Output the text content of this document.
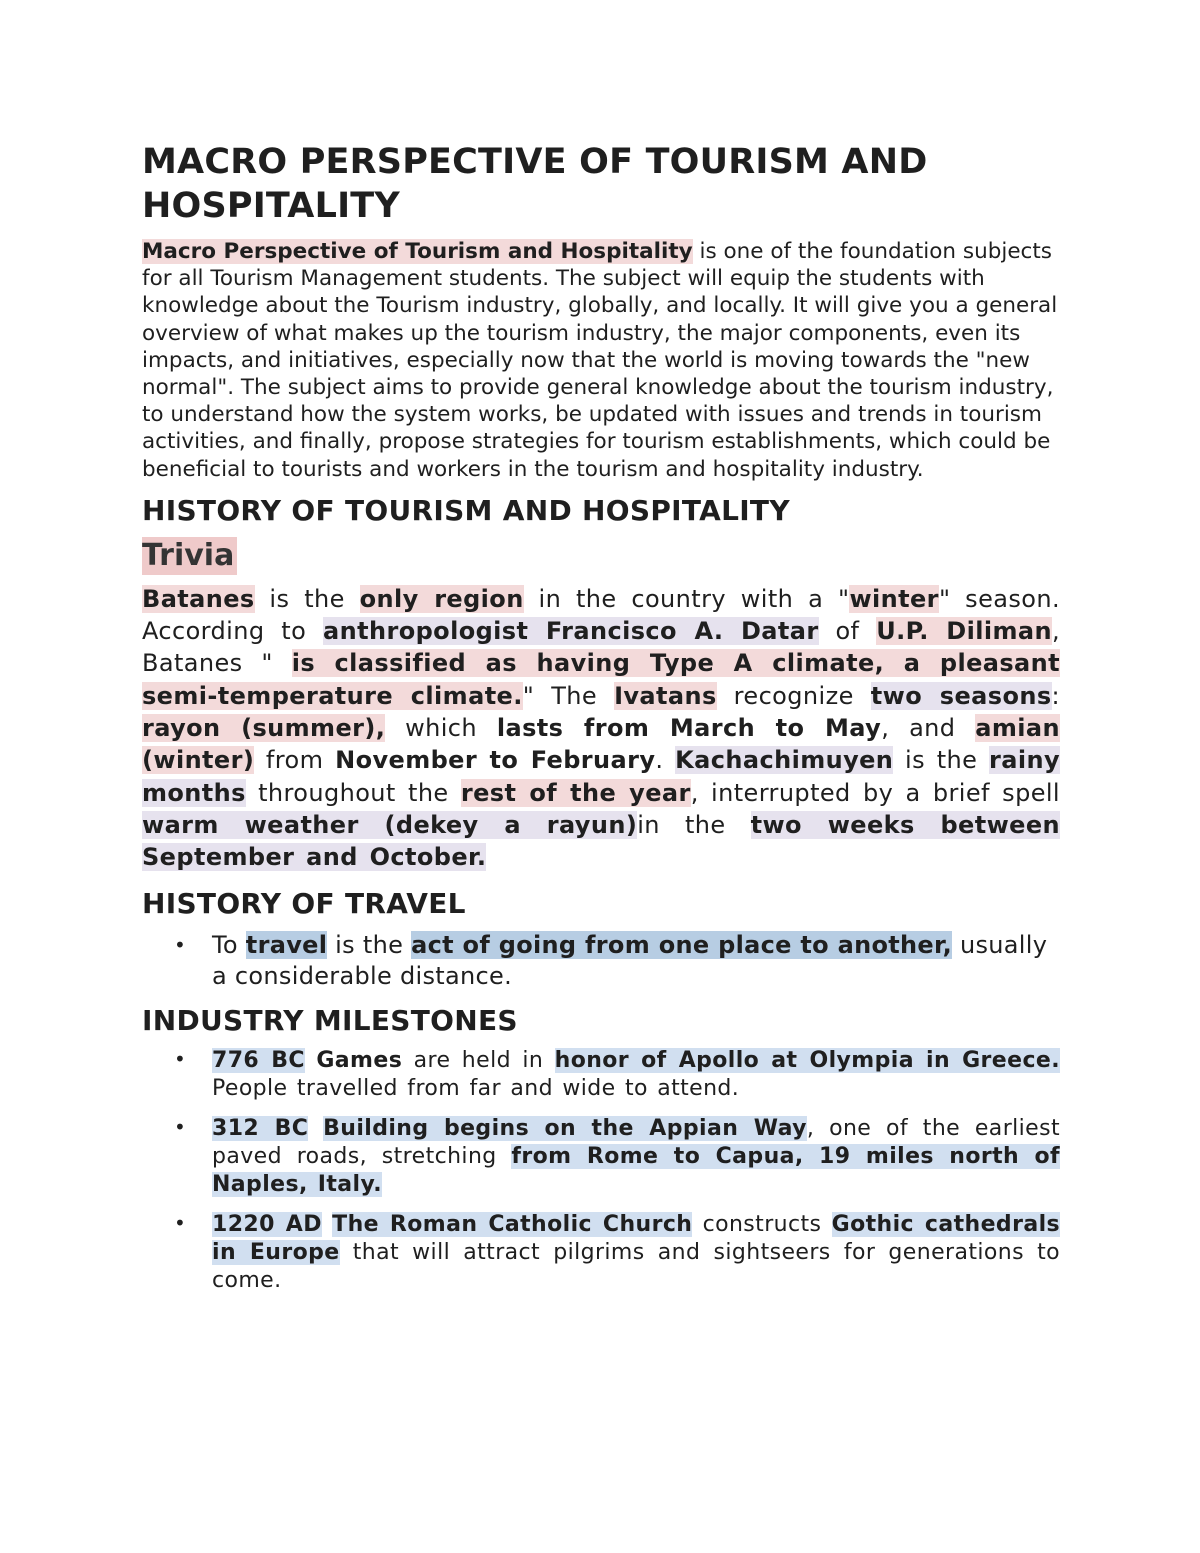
MACRO PERSPECTIVE OF TOURISM AND HOSPITALITY

Macro Perspective of Tourism and Hospitality is one of the foundation subjects for all Tourism Management students. The subject will equip the students with knowledge about the Tourism industry, globally, and locally. It will give you a general overview of what makes up the tourism industry, the major components, even its impacts, and initiatives, especially now that the world is moving towards the "new normal". The subject aims to provide general knowledge about the tourism industry, to understand how the system works, be updated with issues and trends in tourism activities, and finally, propose strategies for tourism establishments, which could be beneficial to tourists and workers in the tourism and hospitality industry.

HISTORY OF TOURISM AND HOSPITALITY
Trivia

Batanes is the only region in the country with a "winter" season. According to anthropologist Francisco A. Datar of U.P. Diliman, Batanes " is classified as having Type A climate, a pleasant semi-temperature climate." The Ivatans recognize two seasons: rayon (summer), which lasts from March to May, and amian (winter) from November to February. Kachachimuyen is the rainy months throughout the rest of the year, interrupted by a brief spell warm weather (dekey a rayun)in the two weeks between September and October.

HISTORY OF TRAVEL
• To travel is the act of going from one place to another, usually a considerable distance.
INDUSTRY MILESTONES
• 776 BC Games are held in honor of Apollo at Olympia in Greece. People travelled from far and wide to attend.
• 312 BC Building begins on the Appian Way, one of the earliest paved roads, stretching from Rome to Capua, 19 miles north of Naples, Italy.
• 1220 AD The Roman Catholic Church constructs Gothic cathedrals in Europe that will attract pilgrims and sightseers for generations to come.
